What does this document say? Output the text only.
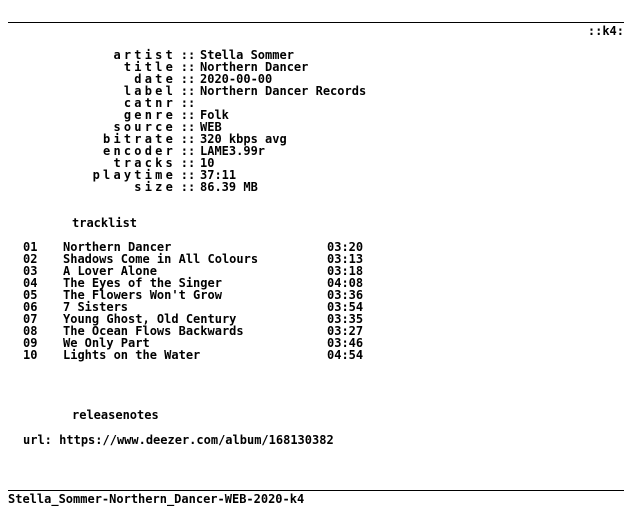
::k4:
artist :: Stella Sommer
title :: Northern Dancer
date :: 2020-00-00
label :: Northern Dancer Records
catnr ::
genre :: Folk
source :: WEB
bitrate :: 320 kbps avg
encoder :: LAME3.99r
tracks :: 10
playtime :: 37:11
size :: 86.39 MB
tracklist
01	Northern Dancer	03:20
02	Shadows Come in All Colours	03:13
03	A Lover Alone	03:18
04	The Eyes of the Singer	04:08
05	The Flowers Won't Grow	03:36
06	7 Sisters	03:54
07	Young Ghost, Old Century	03:35
08	The Ocean Flows Backwards	03:27
09	We Only Part	03:46
10	Lights on the Water	04:54
releasenotes
url: https://www.deezer.com/album/168130382
Stella_Sommer-Northern_Dancer-WEB-2020-k4
